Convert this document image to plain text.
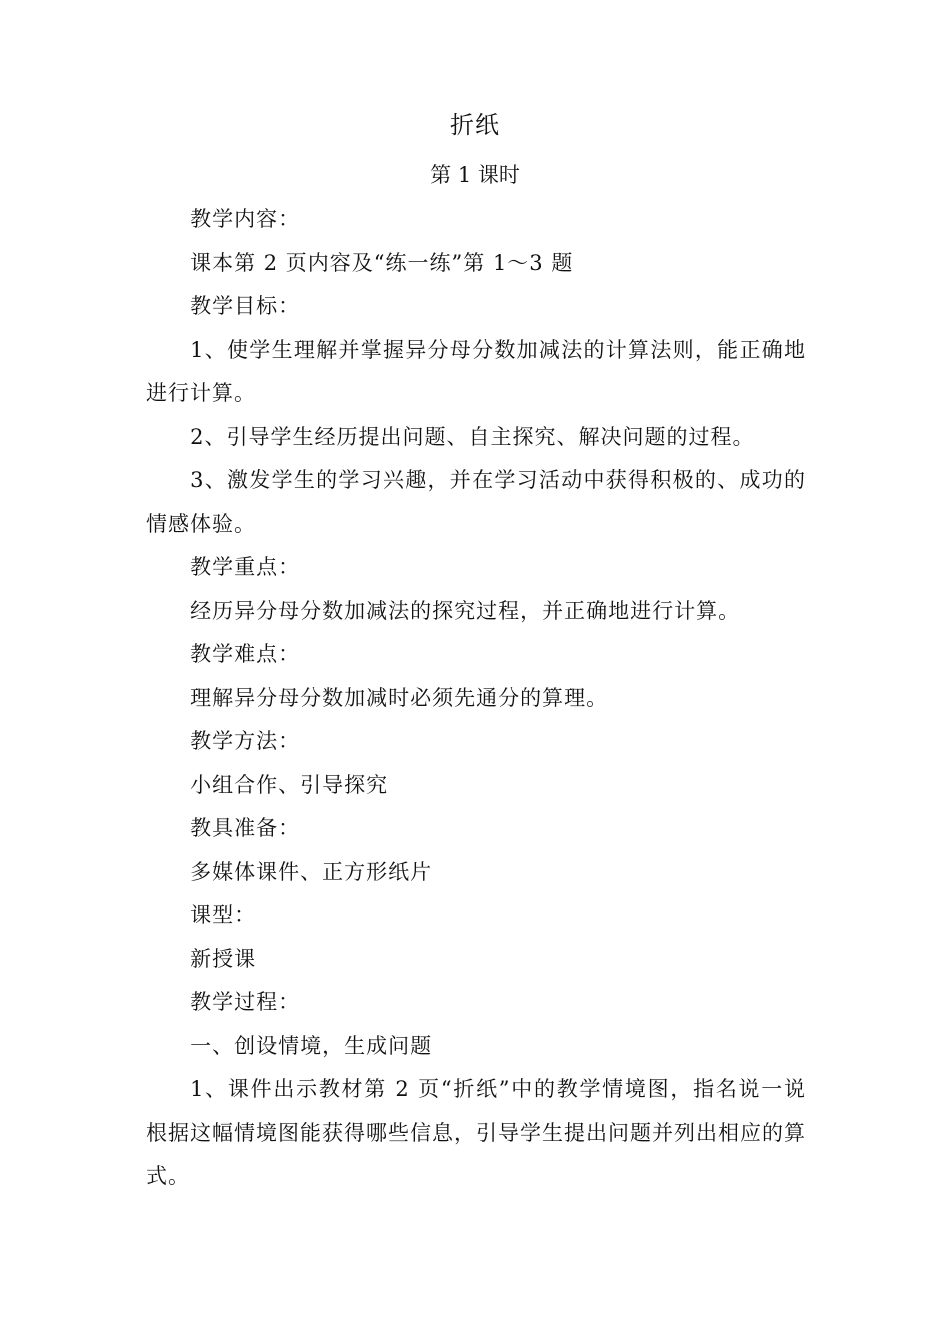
折纸
第 1 课时

教学内容：

课本第 2 页内容及“练一练”第 1～3 题

教学目标：

1、使学生理解并掌握异分母分数加减法的计算法则，能正确地进行计算。

2、引导学生经历提出问题、自主探究、解决问题的过程。

3、激发学生的学习兴趣，并在学习活动中获得积极的、成功的情感体验。

教学重点：

经历异分母分数加减法的探究过程，并正确地进行计算。

教学难点：

理解异分母分数加减时必须先通分的算理。

教学方法：

小组合作、引导探究

教具准备：

多媒体课件、正方形纸片

课型：

新授课

教学过程：

一、创设情境，生成问题

1、课件出示教材第 2 页“折纸”中的教学情境图，指名说一说根据这幅情境图能获得哪些信息，引导学生提出问题并列出相应的算式。
